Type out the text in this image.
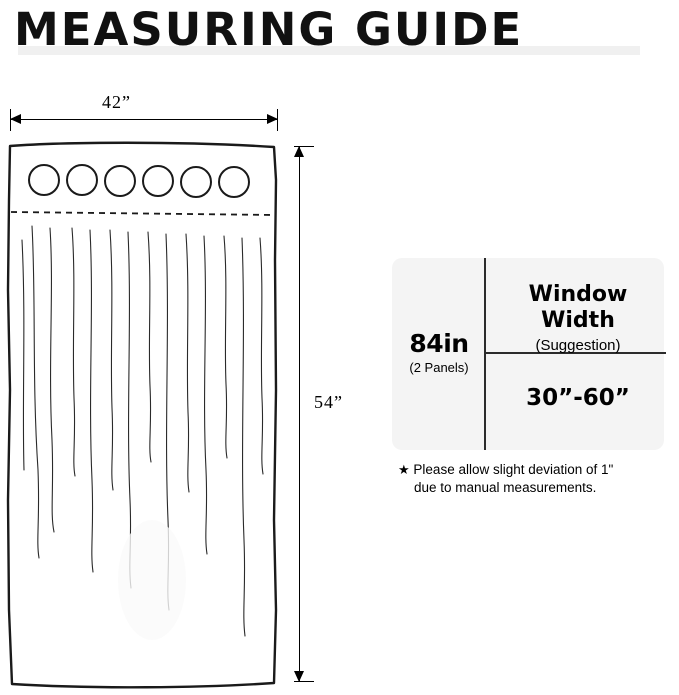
MEASURING GUIDE
42”
54”
84in
(2 Panels)
Window Width
(Suggestion)
30”-60”
★ Please allow slight deviation of 1"
due to manual measurements.
